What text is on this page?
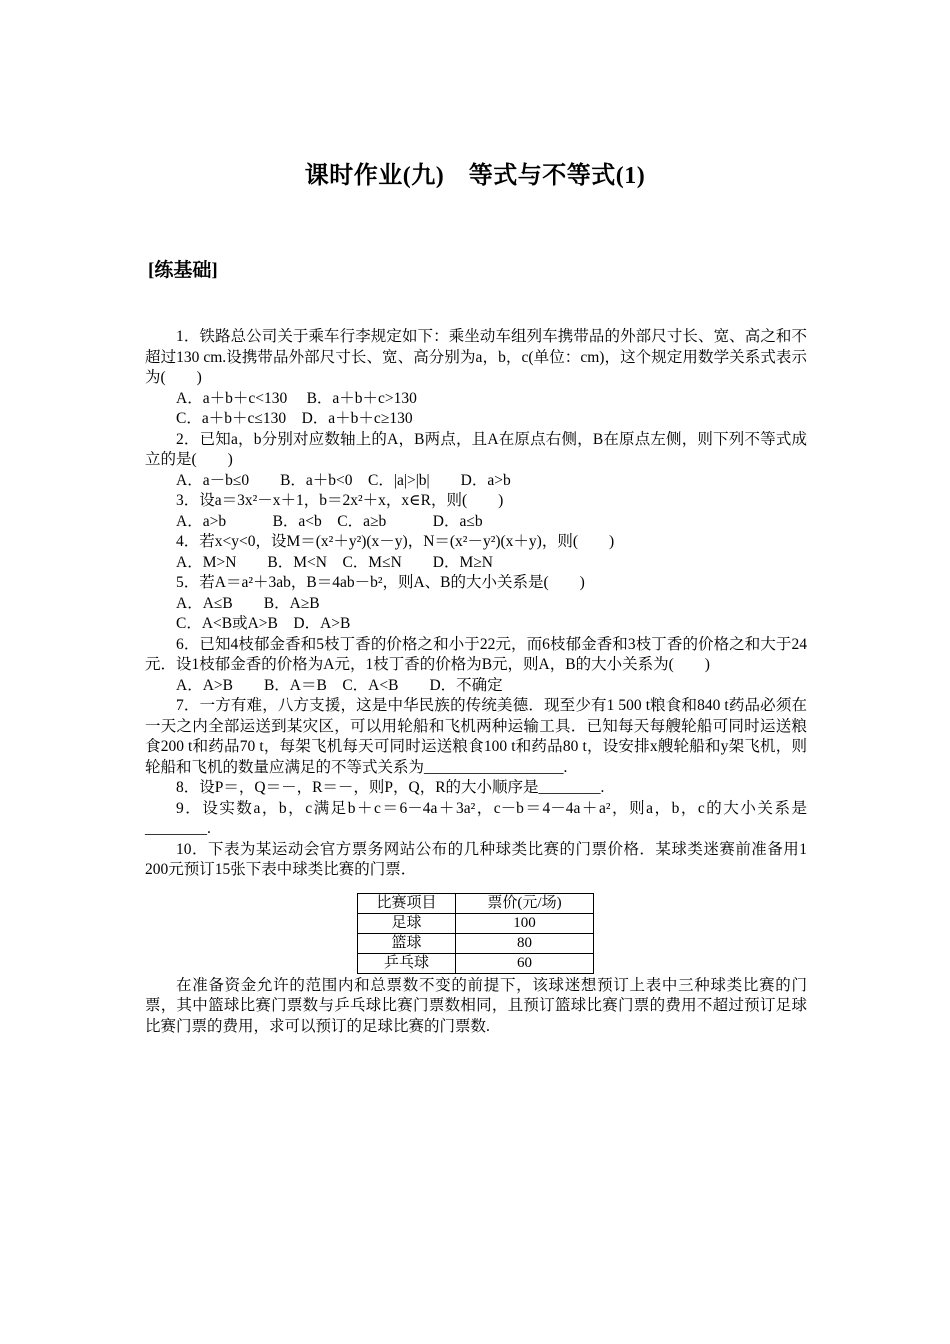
课时作业(九)　等式与不等式(1)
[练基础]
1．铁路总公司关于乘车行李规定如下：乘坐动车组列车携带品的外部尺寸长、宽、高之和不超过130 cm.设携带品外部尺寸长、宽、高分别为a，b，c(单位：cm)，这个规定用数学关系式表示为(　　)
A．a＋b＋c<130　 B．a＋b＋c>130
C．a＋b＋c≤130　D．a＋b＋c≥130
2．已知a，b分别对应数轴上的A，B两点，且A在原点右侧，B在原点左侧，则下列不等式成立的是(　　)
A．a－b≤0　　B．a＋b<0　C．|a|>|b|　　D．a>b
3．设a＝3x²－x＋1，b＝2x²＋x，x∈R，则(　　)
A．a>b　　　B．a<b　C．a≥b　　　D．a≤b
4．若x<y<0，设M＝(x²＋y²)(x－y)，N＝(x²－y²)(x＋y)，则(　　)
A．M>N　　B．M<N　C．M≤N　　D．M≥N
5．若A＝a²＋3ab，B＝4ab－b²，则A、B的大小关系是(　　)
A．A≤B　　B．A≥B
C．A<B或A>B　D．A>B
6．已知4枝郁金香和5枝丁香的价格之和小于22元，而6枝郁金香和3枝丁香的价格之和大于24元．设1枝郁金香的价格为A元，1枝丁香的价格为B元，则A，B的大小关系为(　　)
A．A>B　　B．A＝B　C．A<B　　D．不确定
7．一方有难，八方支援，这是中华民族的传统美德．现至少有1 500 t粮食和840 t药品必须在一天之内全部运送到某灾区，可以用轮船和飞机两种运输工具．已知每天每艘轮船可同时运送粮食200 t和药品70 t，每架飞机每天可同时运送粮食100 t和药品80 t，设安排x艘轮船和y架飞机，则轮船和飞机的数量应满足的不等式关系为__________________.
8．设P＝，Q＝－，R＝－，则P，Q，R的大小顺序是________.
9．设实数a，b，c满足b＋c＝6－4a＋3a²，c－b＝4－4a＋a²，则a，b，c的大小关系是________.
10．下表为某运动会官方票务网站公布的几种球类比赛的门票价格．某球类迷赛前准备用1 200元预订15张下表中球类比赛的门票．
比赛项目	票价(元/场)
足球	100
篮球	80
乒乓球	60
在准备资金允许的范围内和总票数不变的前提下，该球迷想预订上表中三种球类比赛的门票，其中篮球比赛门票数与乒乓球比赛门票数相同，且预订篮球比赛门票的费用不超过预订足球比赛门票的费用，求可以预订的足球比赛的门票数.
